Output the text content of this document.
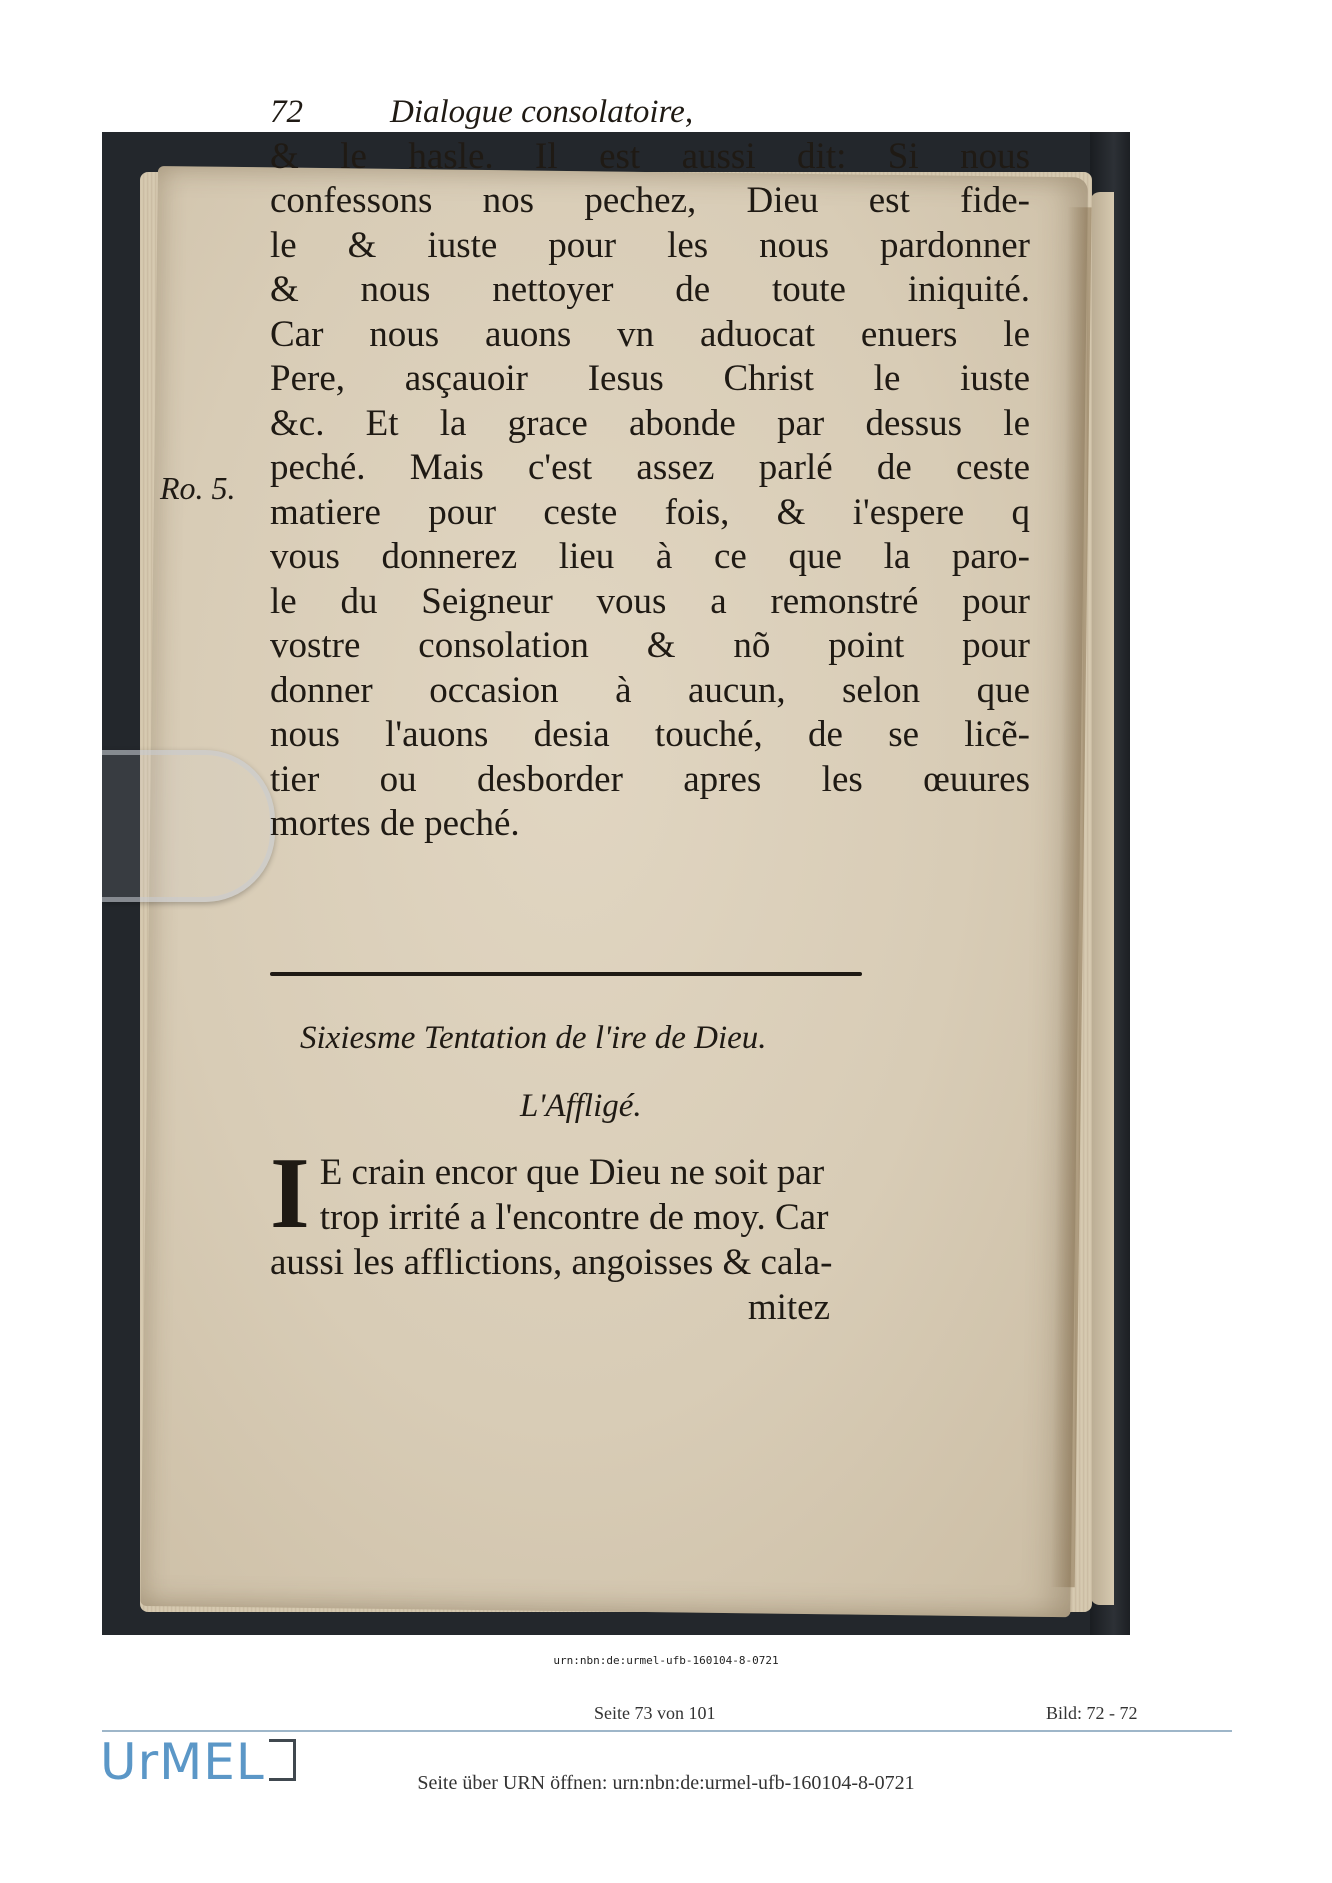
72	Dialogue consolatoire,
& le hasle. Il est aussi dit: Si nous
confessons nos pechez, Dieu est fide-
le & iuste pour les nous pardonner
& nous nettoyer de toute iniquité.
Car nous auons vn aduocat enuers le
Pere, asçauoir Iesus Christ le iuste
&c. Et la grace abonde par dessus le
peché. Mais c'est assez parlé de ceste
matiere pour ceste fois, & i'espere q
vous donnerez lieu à ce que la paro-
le du Seigneur vous a remonstré pour
vostre consolation & nõ point pour
donner occasion à aucun, selon que
nous l'auons desia touché, de se licẽ-
tier ou desborder apres les œuures
mortes de peché.
Ro. 5.
Sixiesme Tentation de l'ire de Dieu.
L'Affligé.
I E crain encor que Dieu ne soit par
trop irrité a l'encontre de moy. Car
aussi les afflictions, angoisses & cala-
mitez
urn:nbn:de:urmel-ufb-160104-8-0721
Seite 73 von 101	Bild: 72 - 72
UrMEL	Seite über URN öffnen: urn:nbn:de:urmel-ufb-160104-8-0721
